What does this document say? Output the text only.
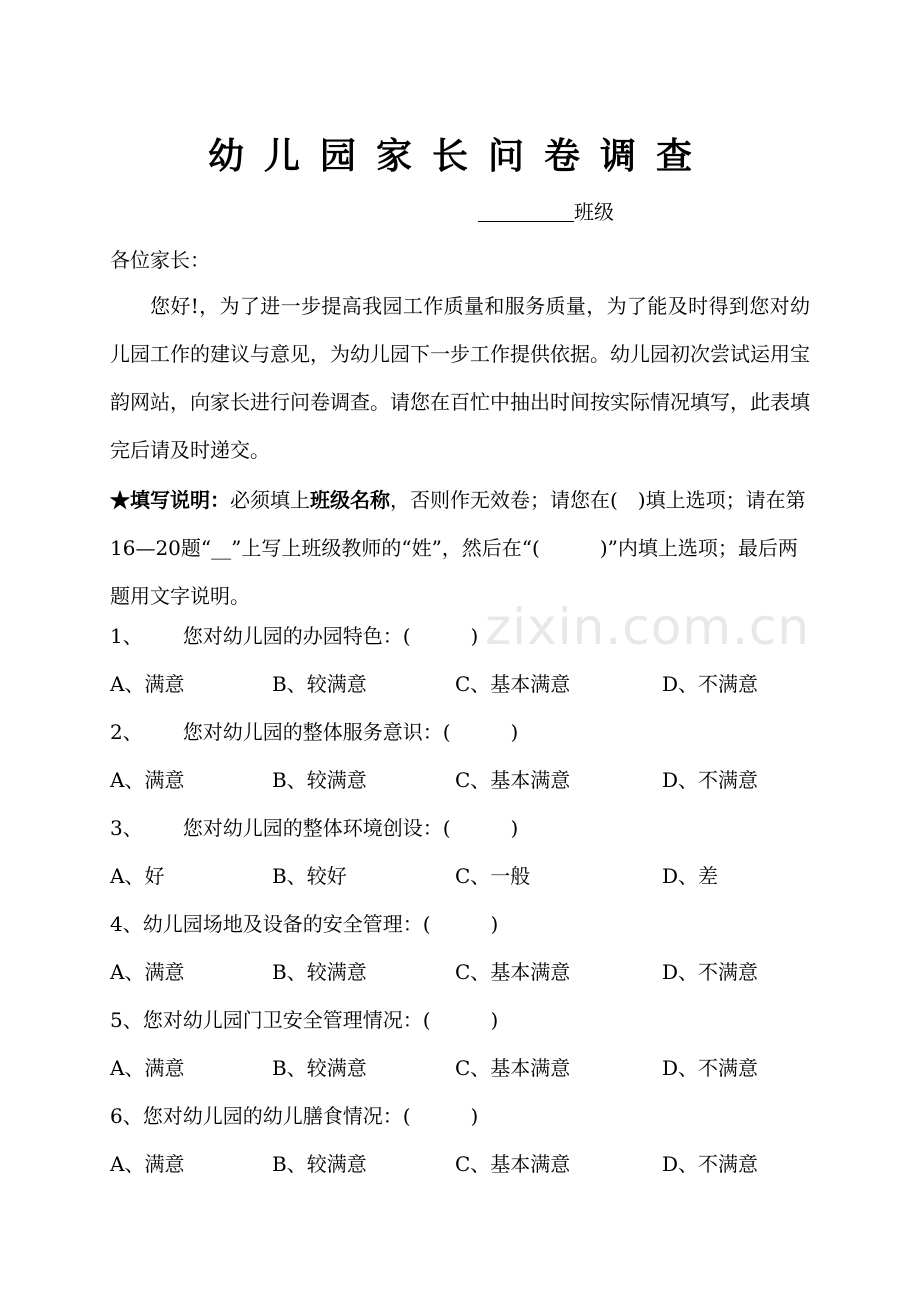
幼儿园家长问卷调查
班级
各位家长：
您好!，为了进一步提高我园工作质量和服务质量，为了能及时得到您对幼儿园工作的建议与意见，为幼儿园下一步工作提供依据。幼儿园初次尝试运用宝韵网站，向家长进行问卷调查。请您在百忙中抽出时间按实际情况填写，此表填完后请及时递交。
★填写说明：必须填上班级名称，否则作无效卷；请您在(　)填上选项；请在第16—20题“__”上写上班级教师的“姓”，然后在“(　　　)”内填上选项；最后两题用文字说明。
zixin.com.cn
1、 您对幼儿园的办园特色：(　　　)
A、满意	B、较满意	C、基本满意	D、不满意
2、 您对幼儿园的整体服务意识：(　　　)
A、满意	B、较满意	C、基本满意	D、不满意
3、 您对幼儿园的整体环境创设：(　　　)
A、好	B、较好	C、一般	D、差
4、幼儿园场地及设备的安全管理：(　　　)
A、满意	B、较满意	C、基本满意	D、不满意
5、您对幼儿园门卫安全管理情况：(　　　)
A、满意	B、较满意	C、基本满意	D、不满意
6、您对幼儿园的幼儿膳食情况：(　　　)
A、满意	B、较满意	C、基本满意	D、不满意
